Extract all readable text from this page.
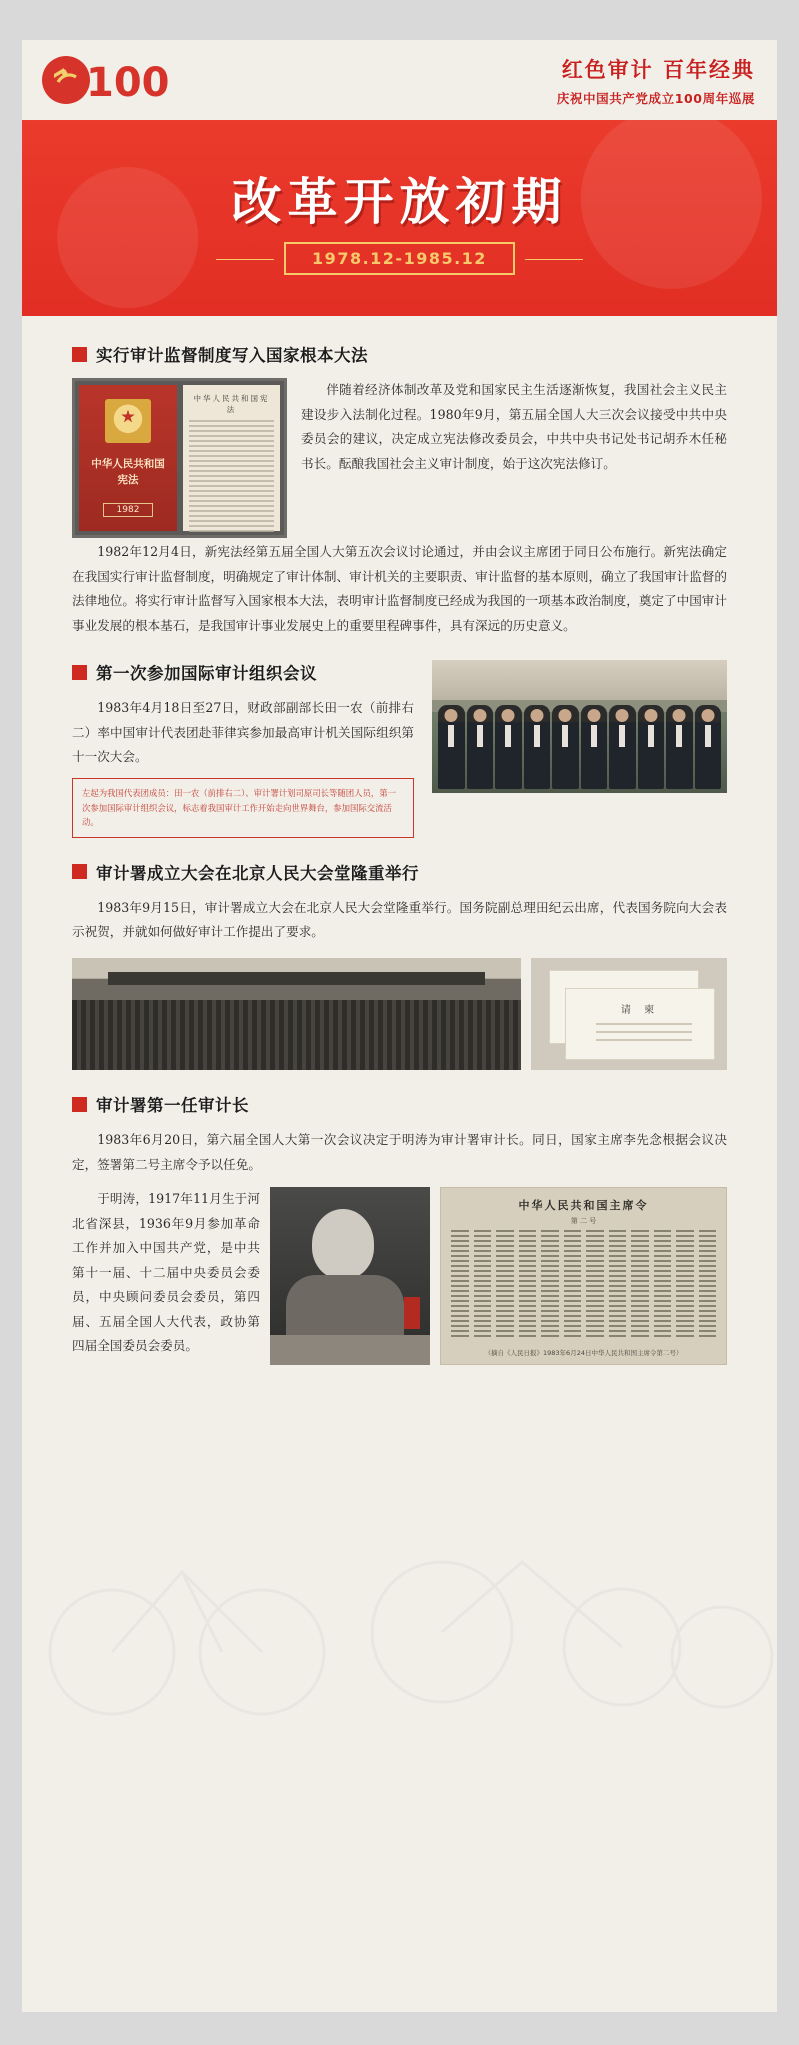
100	红色审计 百年经典
庆祝中国共产党成立100周年巡展
改革开放初期
1978.12-1985.12
实行审计监督制度写入国家根本大法
中华人民共和国宪法
1982
中华人民共和国宪法

伴随着经济体制改革及党和国家民主生活逐渐恢复，我国社会主义民主建设步入法制化过程。1980年9月，第五届全国人大三次会议接受中共中央委员会的建议，决定成立宪法修改委员会，中共中央书记处书记胡乔木任秘书长。酝酿我国社会主义审计制度，始于这次宪法修订。

1982年12月4日，新宪法经第五届全国人大第五次会议讨论通过，并由会议主席团于同日公布施行。新宪法确定在我国实行审计监督制度，明确规定了审计体制、审计机关的主要职责、审计监督的基本原则，确立了我国审计监督的法律地位。将实行审计监督写入国家根本大法，表明审计监督制度已经成为我国的一项基本政治制度，奠定了中国审计事业发展的根本基石，是我国审计事业发展史上的重要里程碑事件，具有深远的历史意义。

第一次参加国际审计组织会议

1983年4月18日至27日，财政部副部长田一农（前排右二）率中国审计代表团赴菲律宾参加最高审计机关国际组织第十一次大会。

左起为我国代表团成员：田一农（前排右二）、审计署计划司原司长等随团人员，第一次参加国际审计组织会议，标志着我国审计工作开始走向世界舞台，参加国际交流活动。
审计署成立大会在北京人民大会堂隆重举行

1983年9月15日，审计署成立大会在北京人民大会堂隆重举行。国务院副总理田纪云出席，代表国务院向大会表示祝贺，并就如何做好审计工作提出了要求。

请 柬
审计署第一任审计长

1983年6月20日，第六届全国人大第一次会议决定于明涛为审计署审计长。同日，国家主席李先念根据会议决定，签署第二号主席令予以任免。

于明涛，1917年11月生于河北省深县，1936年9月参加革命工作并加入中国共产党，是中共第十一届、十二届中央委员会委员，中央顾问委员会委员，第四届、五届全国人大代表，政协第四届全国委员会委员。

中华人民共和国主席令
第 二 号
（摘自《人民日报》1983年6月24日中华人民共和国主席令第二号）
